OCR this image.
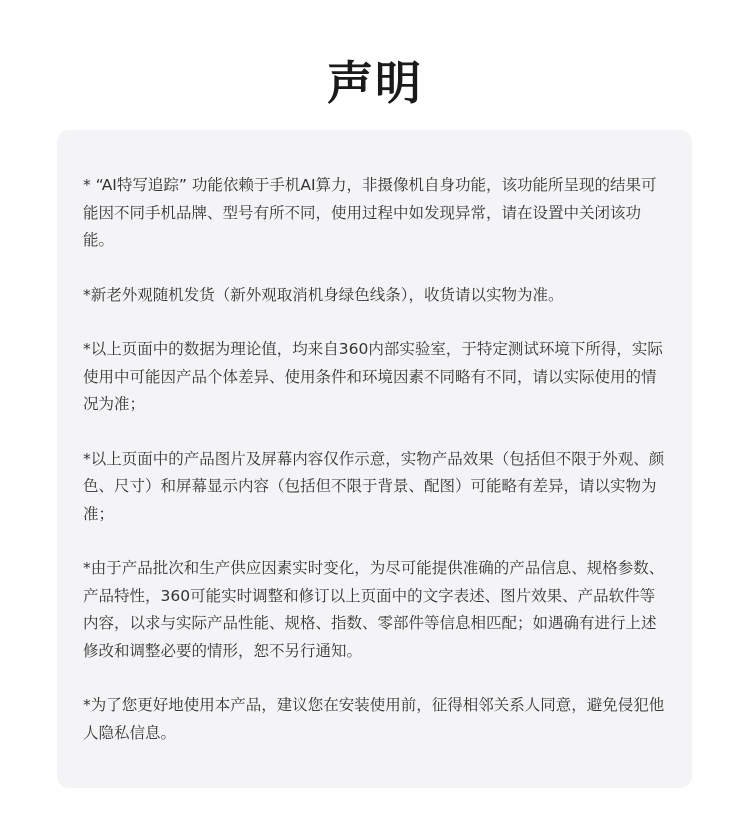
声明

* “AI特写追踪” 功能依赖于手机AI算力，非摄像机自身功能，该功能所呈现的结果可能因不同手机品牌、型号有所不同，使用过程中如发现异常，请在设置中关闭该功能。

*新老外观随机发货（新外观取消机身绿色线条），收货请以实物为准。

*以上页面中的数据为理论值，均来自360内部实验室，于特定测试环境下所得，实际使用中可能因产品个体差异、使用条件和环境因素不同略有不同，请以实际使用的情况为准；

*以上页面中的产品图片及屏幕内容仅作示意，实物产品效果（包括但不限于外观、颜色、尺寸）和屏幕显示内容（包括但不限于背景、配图）可能略有差异，请以实物为准；

*由于产品批次和生产供应因素实时变化，为尽可能提供准确的产品信息、规格参数、产品特性，360可能实时调整和修订以上页面中的文字表述、图片效果、产品软件等内容，以求与实际产品性能、规格、指数、零部件等信息相匹配；如遇确有进行上述修改和调整必要的情形，恕不另行通知。

*为了您更好地使用本产品，建议您在安装使用前，征得相邻关系人同意，避免侵犯他人隐私信息。
